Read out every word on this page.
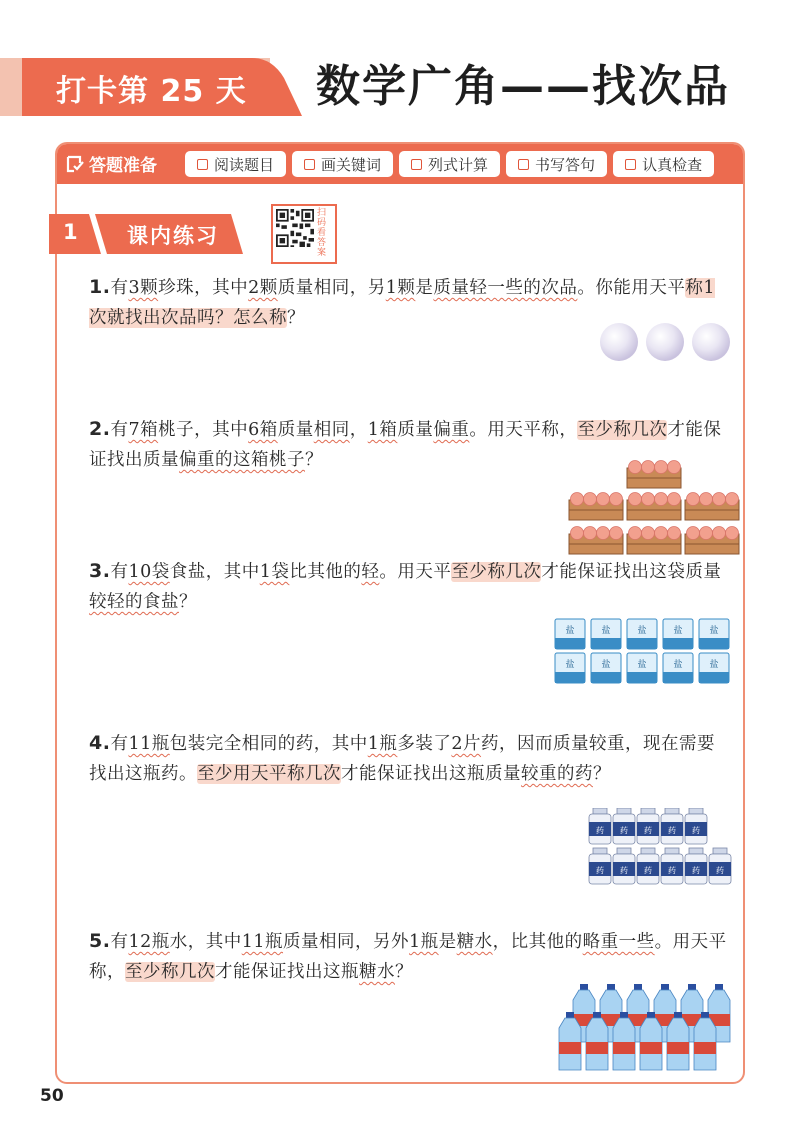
打卡第 25 天 数学广角——找次品
答题准备	阅读题目	画关键词	列式计算	书写答句	认真检查
1 课内练习
扫码看答案
1.有3颗珍珠，其中2颗质量相同，另1颗是质量轻一些的次品。你能用天平称1次就找出次品吗？怎么称？
2.有7箱桃子，其中6箱质量相同，1箱质量偏重。用天平称，至少称几次才能保证找出质量偏重的这箱桃子？
3.有10袋食盐，其中1袋比其他的轻。用天平至少称几次才能保证找出这袋质量较轻的食盐？
盐	盐	盐	盐	盐
盐	盐	盐	盐	盐
4.有11瓶包装完全相同的药，其中1瓶多装了2片药，因而质量较重，现在需要找出这瓶药。至少用天平称几次才能保证找出这瓶质量较重的药？
药 药 药 药 药
药 药 药 药 药 药
5.有12瓶水，其中11瓶质量相同，另外1瓶是糖水，比其他的略重一些。用天平称，至少称几次才能保证找出这瓶糖水？
50
